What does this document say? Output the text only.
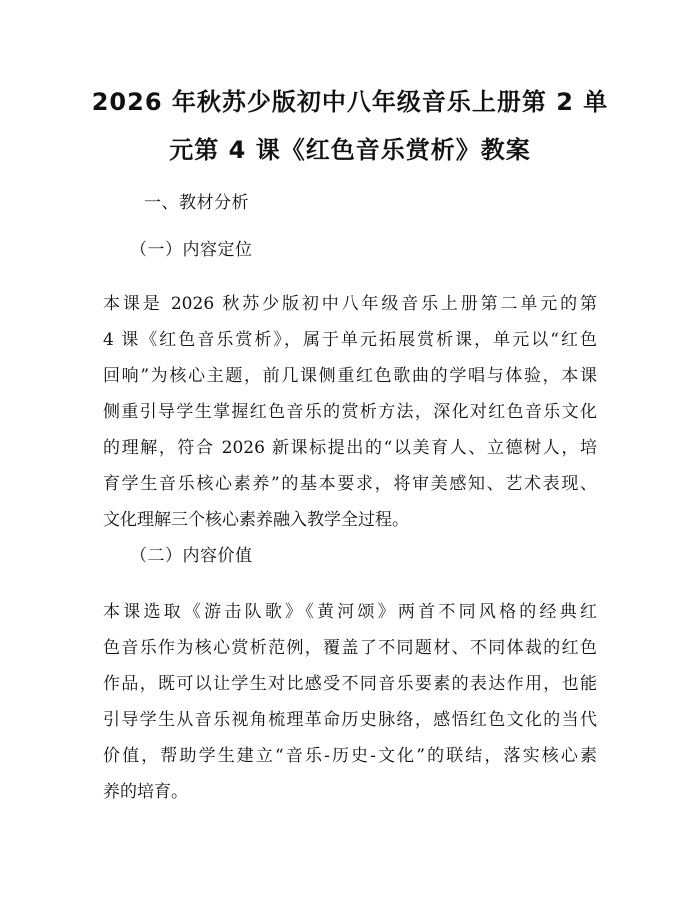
2026 年秋苏少版初中八年级音乐上册第 2 单
元第 4 课《红色音乐赏析》教案
一、教材分析
（一）内容定位
本课是 2026 秋苏少版初中八年级音乐上册第二单元的第
4 课《红色音乐赏析》，属于单元拓展赏析课，单元以“红色
回响”为核心主题，前几课侧重红色歌曲的学唱与体验，本课
侧重引导学生掌握红色音乐的赏析方法，深化对红色音乐文化
的理解，符合 2026 新课标提出的“以美育人、立德树人，培
育学生音乐核心素养”的基本要求，将审美感知、艺术表现、
文化理解三个核心素养融入教学全过程。
（二）内容价值
本课选取《游击队歌》《黄河颂》两首不同风格的经典红
色音乐作为核心赏析范例，覆盖了不同题材、不同体裁的红色
作品，既可以让学生对比感受不同音乐要素的表达作用，也能
引导学生从音乐视角梳理革命历史脉络，感悟红色文化的当代
价值，帮助学生建立“音乐-历史-文化”的联结，落实核心素
养的培育。
